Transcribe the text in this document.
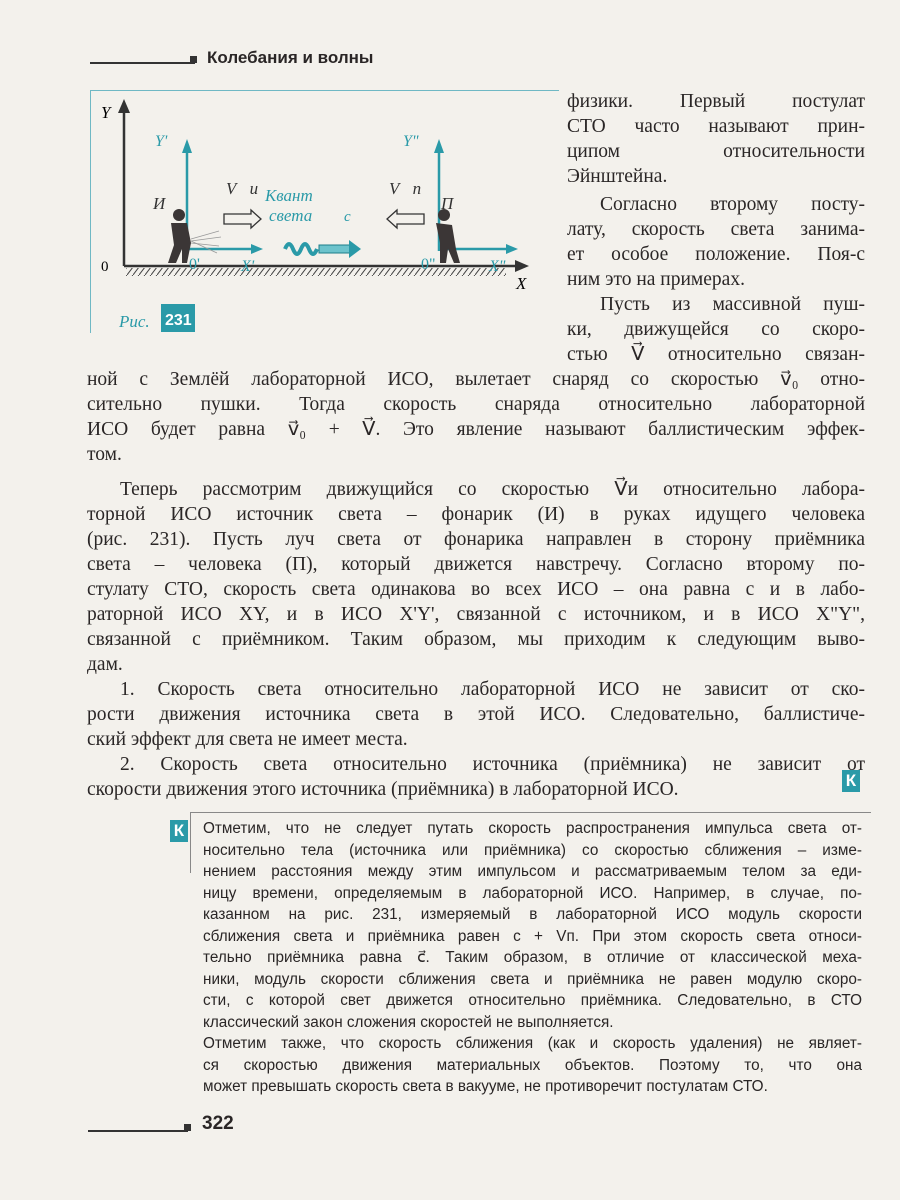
Колебания и волны
Y
X
0
Y'
X'
0'
Y"
X"
0"
Квант
света c⃗
И	П
V⃗и	V⃗п
Рис. 231
К
К
322
физики. Первый постулат
СТО часто называют прин-
ципом относительности
Эйнштейна.
Согласно второму посту-
лату, скорость света занима-
ет особое положение. Поя-с
ним это на примерах.
Пусть из массивной пуш-
ки, движущейся со скоро-
стью V⃗ относительно связан-
ной с Землёй лабораторной ИСО, вылетает снаряд со скоростью v⃗₀ отно-
сительно пушки. Тогда скорость снаряда относительно лабораторной
ИСО будет равна v⃗₀ + V⃗. Это явление называют баллистическим эффек-
том.
Теперь рассмотрим движущийся со скоростью V⃗и относительно лабора-
торной ИСО источник света – фонарик (И) в руках идущего человека
(рис. 231). Пусть луч света от фонарика направлен в сторону приёмника
света – человека (П), который движется навстречу. Согласно второму по-
стулату СТО, скорость света одинакова во всех ИСО – она равна c и в лабо-
раторной ИСО XY, и в ИСО X'Y', связанной с источником, и в ИСО X"Y",
связанной с приёмником. Таким образом, мы приходим к следующим выво-
дам.
1. Скорость света относительно лабораторной ИСО не зависит от ско-
рости движения источника света в этой ИСО. Следовательно, баллистиче-
ский эффект для света не имеет места.
2. Скорость света относительно источника (приёмника) не зависит от
скорости движения этого источника (приёмника) в лабораторной ИСО.
Отметим, что не следует путать скорость распространения импульса света от-
носительно тела (источника или приёмника) со скоростью сближения – изме-
нением расстояния между этим импульсом и рассматриваемым телом за еди-
ницу времени, определяемым в лабораторной ИСО. Например, в случае, по-
казанном на рис. 231, измеряемый в лабораторной ИСО модуль скорости
сближения света и приёмника равен c + Vп. При этом скорость света относи-
тельно приёмника равна c⃗. Таким образом, в отличие от классической меха-
ники, модуль скорости сближения света и приёмника не равен модулю скоро-
сти, с которой свет движется относительно приёмника. Следовательно, в СТО
классический закон сложения скоростей не выполняется.
Отметим также, что скорость сближения (как и скорость удаления) не являет-
ся скоростью движения материальных объектов. Поэтому то, что она
может превышать скорость света в вакууме, не противоречит постулатам СТО.
